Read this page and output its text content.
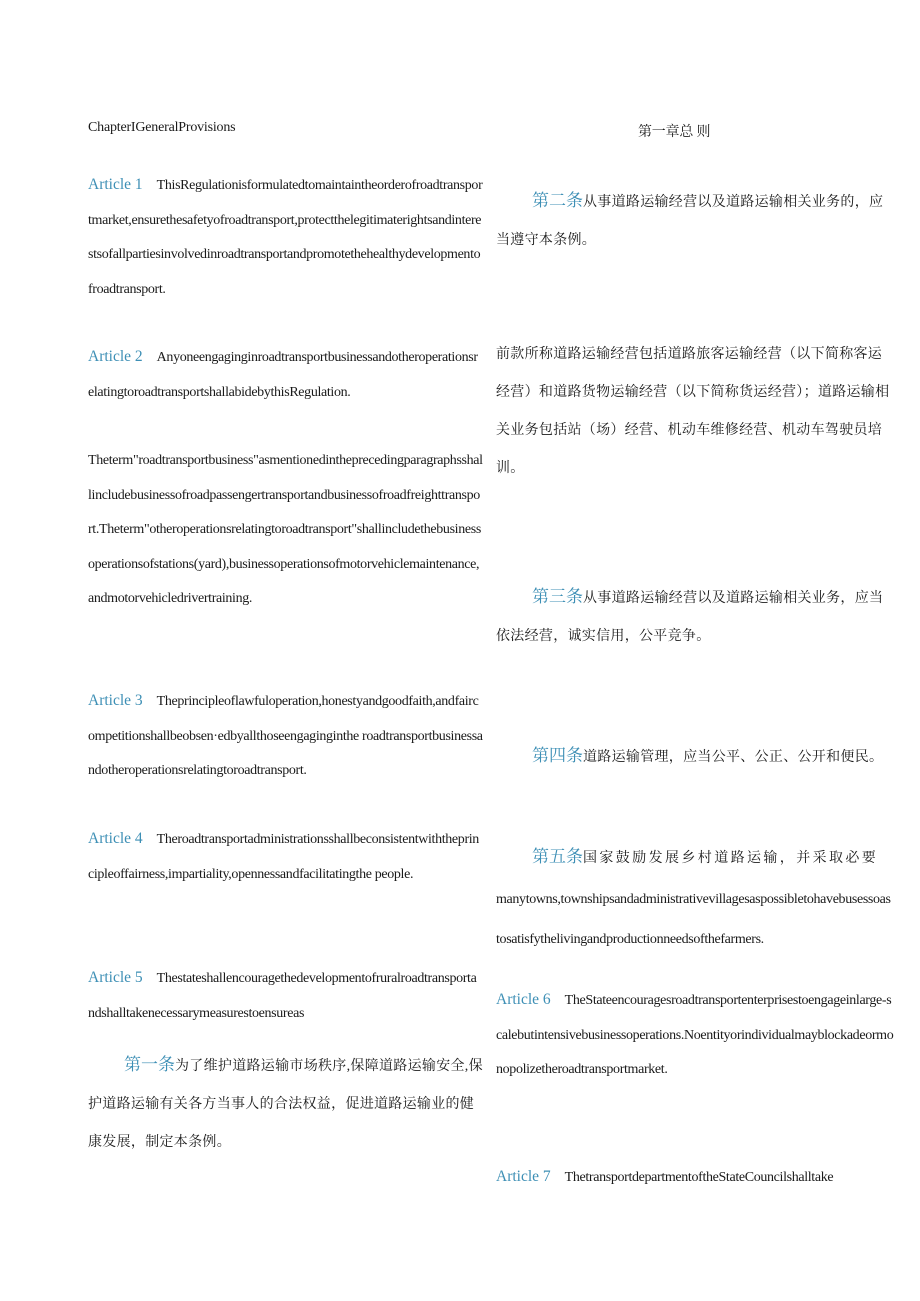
ChapterIGeneralProvisions
Article 1 ThisRegulationisformulatedtomaintaintheorderofroadtransportmarket,ensurethesafetyofroadtransport,protectthelegitimaterightsandinterestsofallpartiesinvolvedinroadtransportandpromotethehealthydevelopmentofroadtransport.
Article 2 AnyoneengaginginroadtransportbusinessandotheroperationsrelatingtoroadtransportshallabidebythisRegulation.
Theterm"roadtransportbusiness"asmentionedintheprecedingparagraphsshallincludebusinessofroadpassengertransportandbusinessofroadfreighttransport.Theterm"otheroperationsrelatingtoroadtransport"shallincludethebusinessoperationsofstations(yard),businessoperationsofmotorvehiclemaintenance,andmotorvehicledrivertraining.
Article 3 Theprincipleoflawfuloperation,honestyandgoodfaith,andfaircompetitionshallbeobsen·edbyallthoseengaginginthe roadtransportbusinessandotheroperationsrelatingtoroadtransport.
Article 4 Theroadtransportadministrationsshallbeconsistentwiththeprincipleoffairness,impartiality,opennessandfacilitatingthe people.
Article 5 Thestateshallencouragethedevelopmentofruralroadtransportandshalltakenecessarymeasurestoensureas
第一条为了维护道路运输市场秩序,保障道路运输安全,保护道路运输有关各方当事人的合法权益，促进道路运输业的健康发展，制定本条例。
第一章总 则
第二条从事道路运输经营以及道路运输相关业务的，应当遵守本条例。
前款所称道路运输经营包括道路旅客运输经营（以下简称客运经营）和道路货物运输经营（以下简称货运经营）；道路运输相关业务包括站（场）经营、机动车维修经营、机动车驾驶员培训。
第三条从事道路运输经营以及道路运输相关业务，应当依法经营，诚实信用，公平竞争。
第四条道路运输管理，应当公平、公正、公开和便民。
第五条国家鼓励发展乡村道路运输，并采取必要
manytowns,townshipsandadministrativevillagesaspossibletohavebusessoastosatisfythelivingandproductionneedsofthefarmers.
Article 6 TheStateencouragesroadtransportenterprisestoengageinlarge-scalebutintensivebusinessoperations.Noentityorindividualmayblockadeormonopolizetheroadtransportmarket.
Article 7 ThetransportdepartmentoftheStateCouncilshalltake
